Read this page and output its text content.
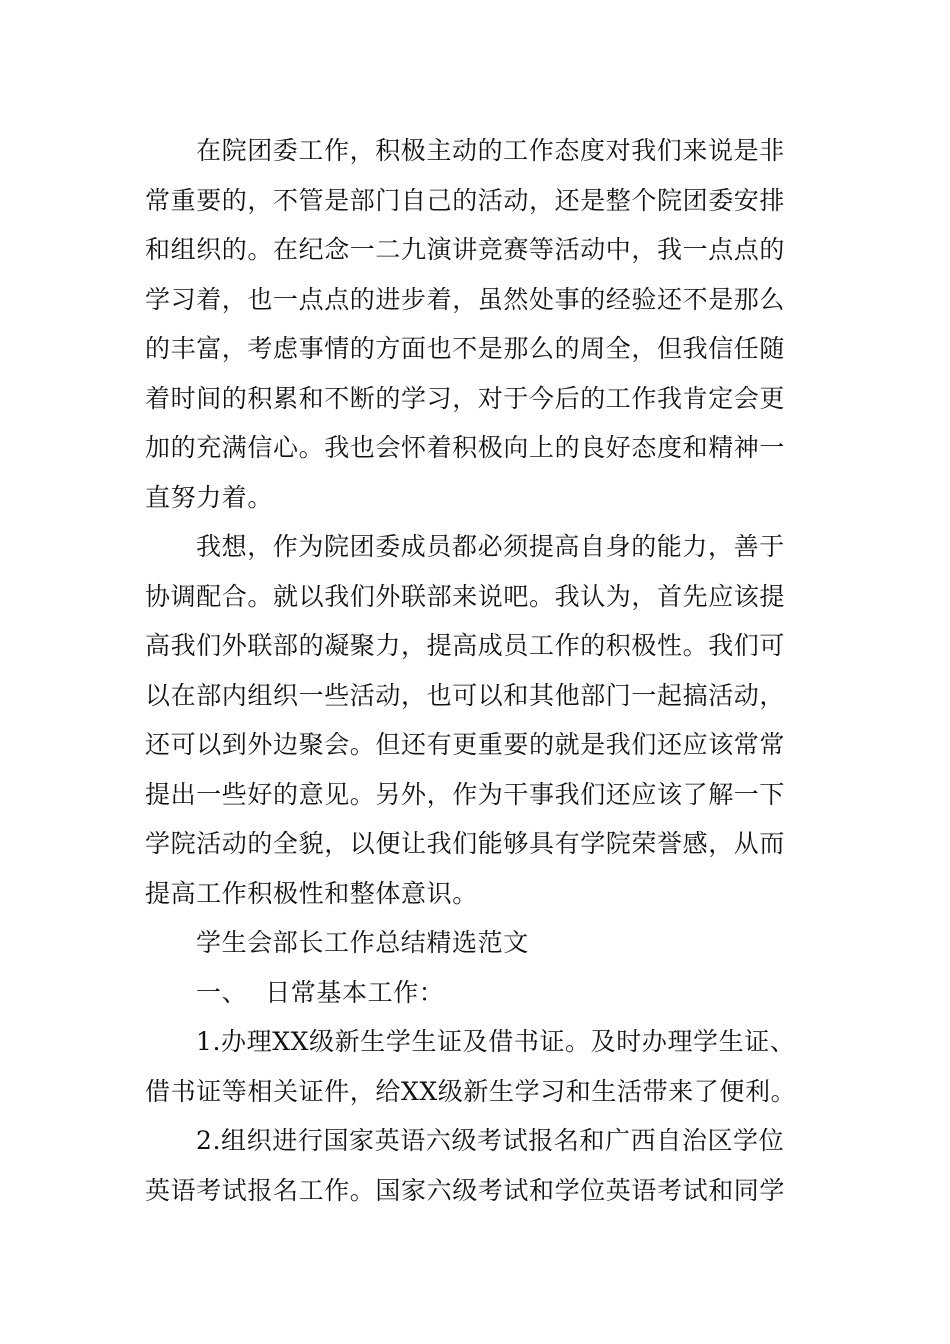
在院团委工作，积极主动的工作态度对我们来说是非
常重要的，不管是部门自己的活动，还是整个院团委安排
和组织的。在纪念一二九演讲竞赛等活动中，我一点点的
学习着，也一点点的进步着，虽然处事的经验还不是那么
的丰富，考虑事情的方面也不是那么的周全，但我信任随
着时间的积累和不断的学习，对于今后的工作我肯定会更
加的充满信心。我也会怀着积极向上的良好态度和精神一
直努力着。
我想，作为院团委成员都必须提高自身的能力，善于
协调配合。就以我们外联部来说吧。我认为，首先应该提
高我们外联部的凝聚力，提高成员工作的积极性。我们可
以在部内组织一些活动，也可以和其他部门一起搞活动，
还可以到外边聚会。但还有更重要的就是我们还应该常常
提出一些好的意见。另外，作为干事我们还应该了解一下
学院活动的全貌，以便让我们能够具有学院荣誉感，从而
提高工作积极性和整体意识。
学生会部长工作总结精选范文
一、 日常基本工作：
1.办理XX级新生学生证及借书证。及时办理学生证、
借书证等相关证件，给XX级新生学习和生活带来了便利。
2.组织进行国家英语六级考试报名和广西自治区学位
英语考试报名工作。国家六级考试和学位英语考试和同学
